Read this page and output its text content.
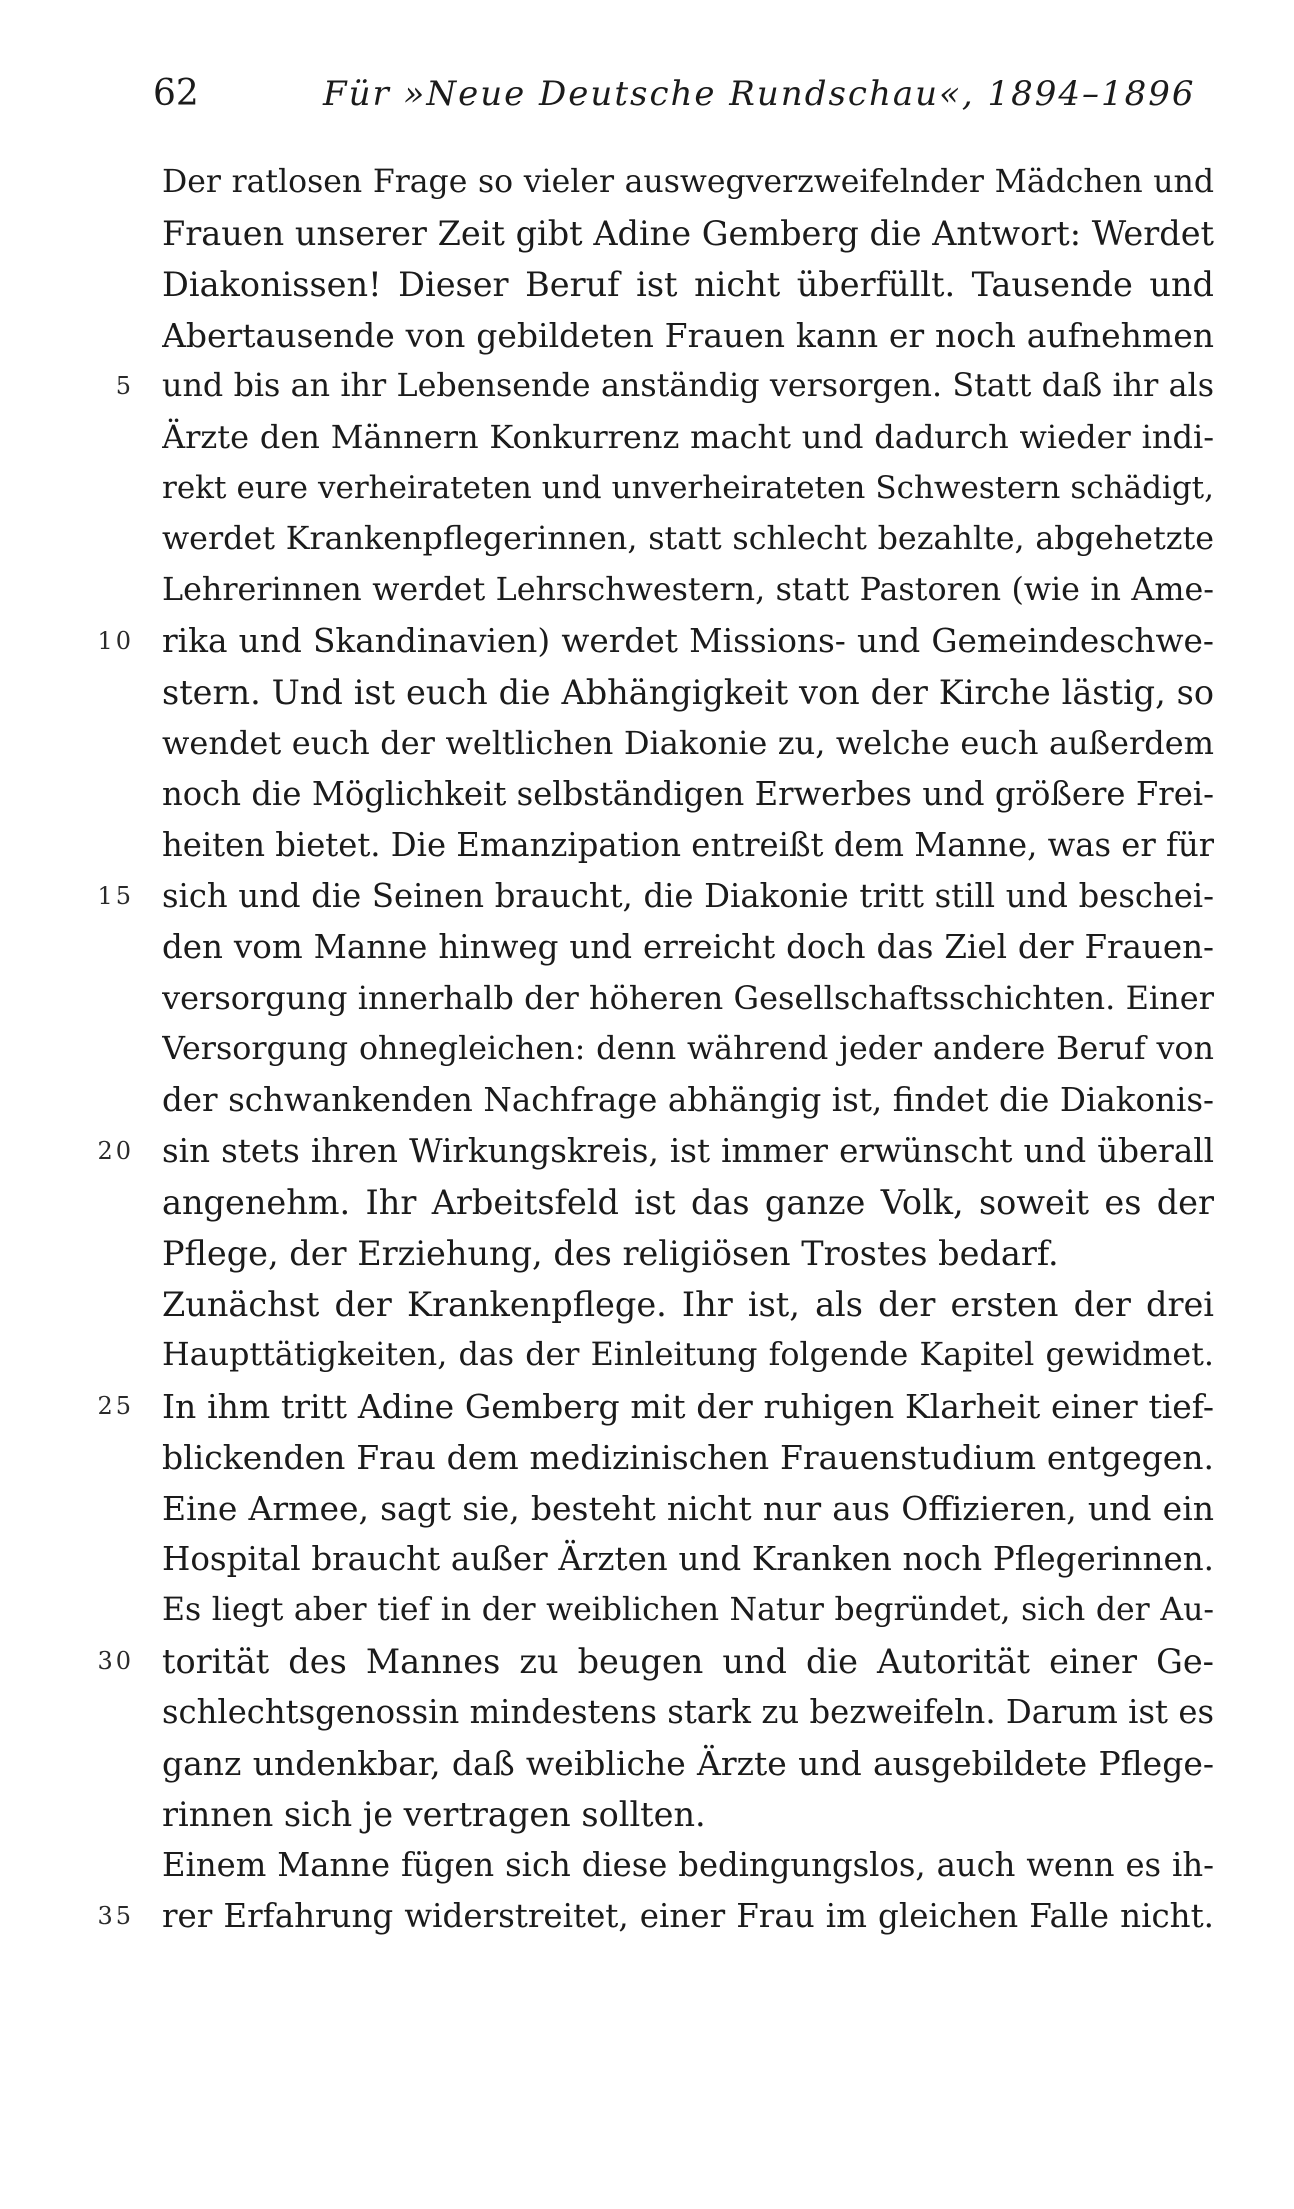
62	Für »Neue Deutsche Rundschau«, 1894–1896
Der ratlosen Frage so vieler auswegverzweifelnder Mädchen und
Frauen unserer Zeit gibt Adine Gemberg die Antwort: Werdet
Diakonissen! Dieser Beruf ist nicht überfüllt. Tausende und
Abertausende von gebildeten Frauen kann er noch aufnehmen
5 und bis an ihr Lebensende anständig versorgen. Statt daß ihr als
Ärzte den Männern Konkurrenz macht und dadurch wieder indi-
rekt eure verheirateten und unverheirateten Schwestern schädigt,
werdet Krankenpflegerinnen, statt schlecht bezahlte, abgehetzte
Lehrerinnen werdet Lehrschwestern, statt Pastoren (wie in Ame-
10 rika und Skandinavien) werdet Missions- und Gemeindeschwe-
stern. Und ist euch die Abhängigkeit von der Kirche lästig, so
wendet euch der weltlichen Diakonie zu, welche euch außerdem
noch die Möglichkeit selbständigen Erwerbes und größere Frei-
heiten bietet. Die Emanzipation entreißt dem Manne, was er für
15 sich und die Seinen braucht, die Diakonie tritt still und beschei-
den vom Manne hinweg und erreicht doch das Ziel der Frauen-
versorgung innerhalb der höheren Gesellschaftsschichten. Einer
Versorgung ohnegleichen: denn während jeder andere Beruf von
der schwankenden Nachfrage abhängig ist, findet die Diakonis-
20 sin stets ihren Wirkungskreis, ist immer erwünscht und überall
angenehm. Ihr Arbeitsfeld ist das ganze Volk, soweit es der
Pflege, der Erziehung, des religiösen Trostes bedarf.
Zunächst der Krankenpflege. Ihr ist, als der ersten der drei
Haupttätigkeiten, das der Einleitung folgende Kapitel gewidmet.
25 In ihm tritt Adine Gemberg mit der ruhigen Klarheit einer tief-
blickenden Frau dem medizinischen Frauenstudium entgegen.
Eine Armee, sagt sie, besteht nicht nur aus Offizieren, und ein
Hospital braucht außer Ärzten und Kranken noch Pflegerinnen.
Es liegt aber tief in der weiblichen Natur begründet, sich der Au-
30 torität des Mannes zu beugen und die Autorität einer Ge-
schlechtsgenossin mindestens stark zu bezweifeln. Darum ist es
ganz undenkbar, daß weibliche Ärzte und ausgebildete Pflege-
rinnen sich je vertragen sollten.
Einem Manne fügen sich diese bedingungslos, auch wenn es ih-
35 rer Erfahrung widerstreitet, einer Frau im gleichen Falle nicht.
